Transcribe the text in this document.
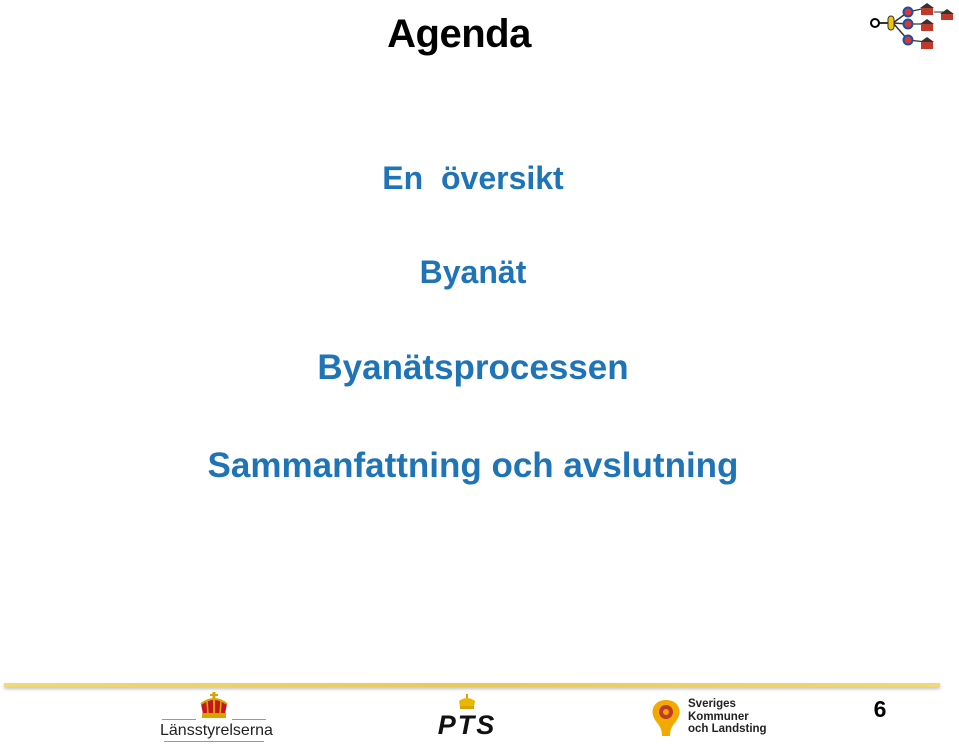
Agenda
En  översikt
Byanät
Byanätsprocessen
Sammanfattning och avslutning
Länsstyrelserna	PTS
Sveriges
Kommuner
och Landsting
6
